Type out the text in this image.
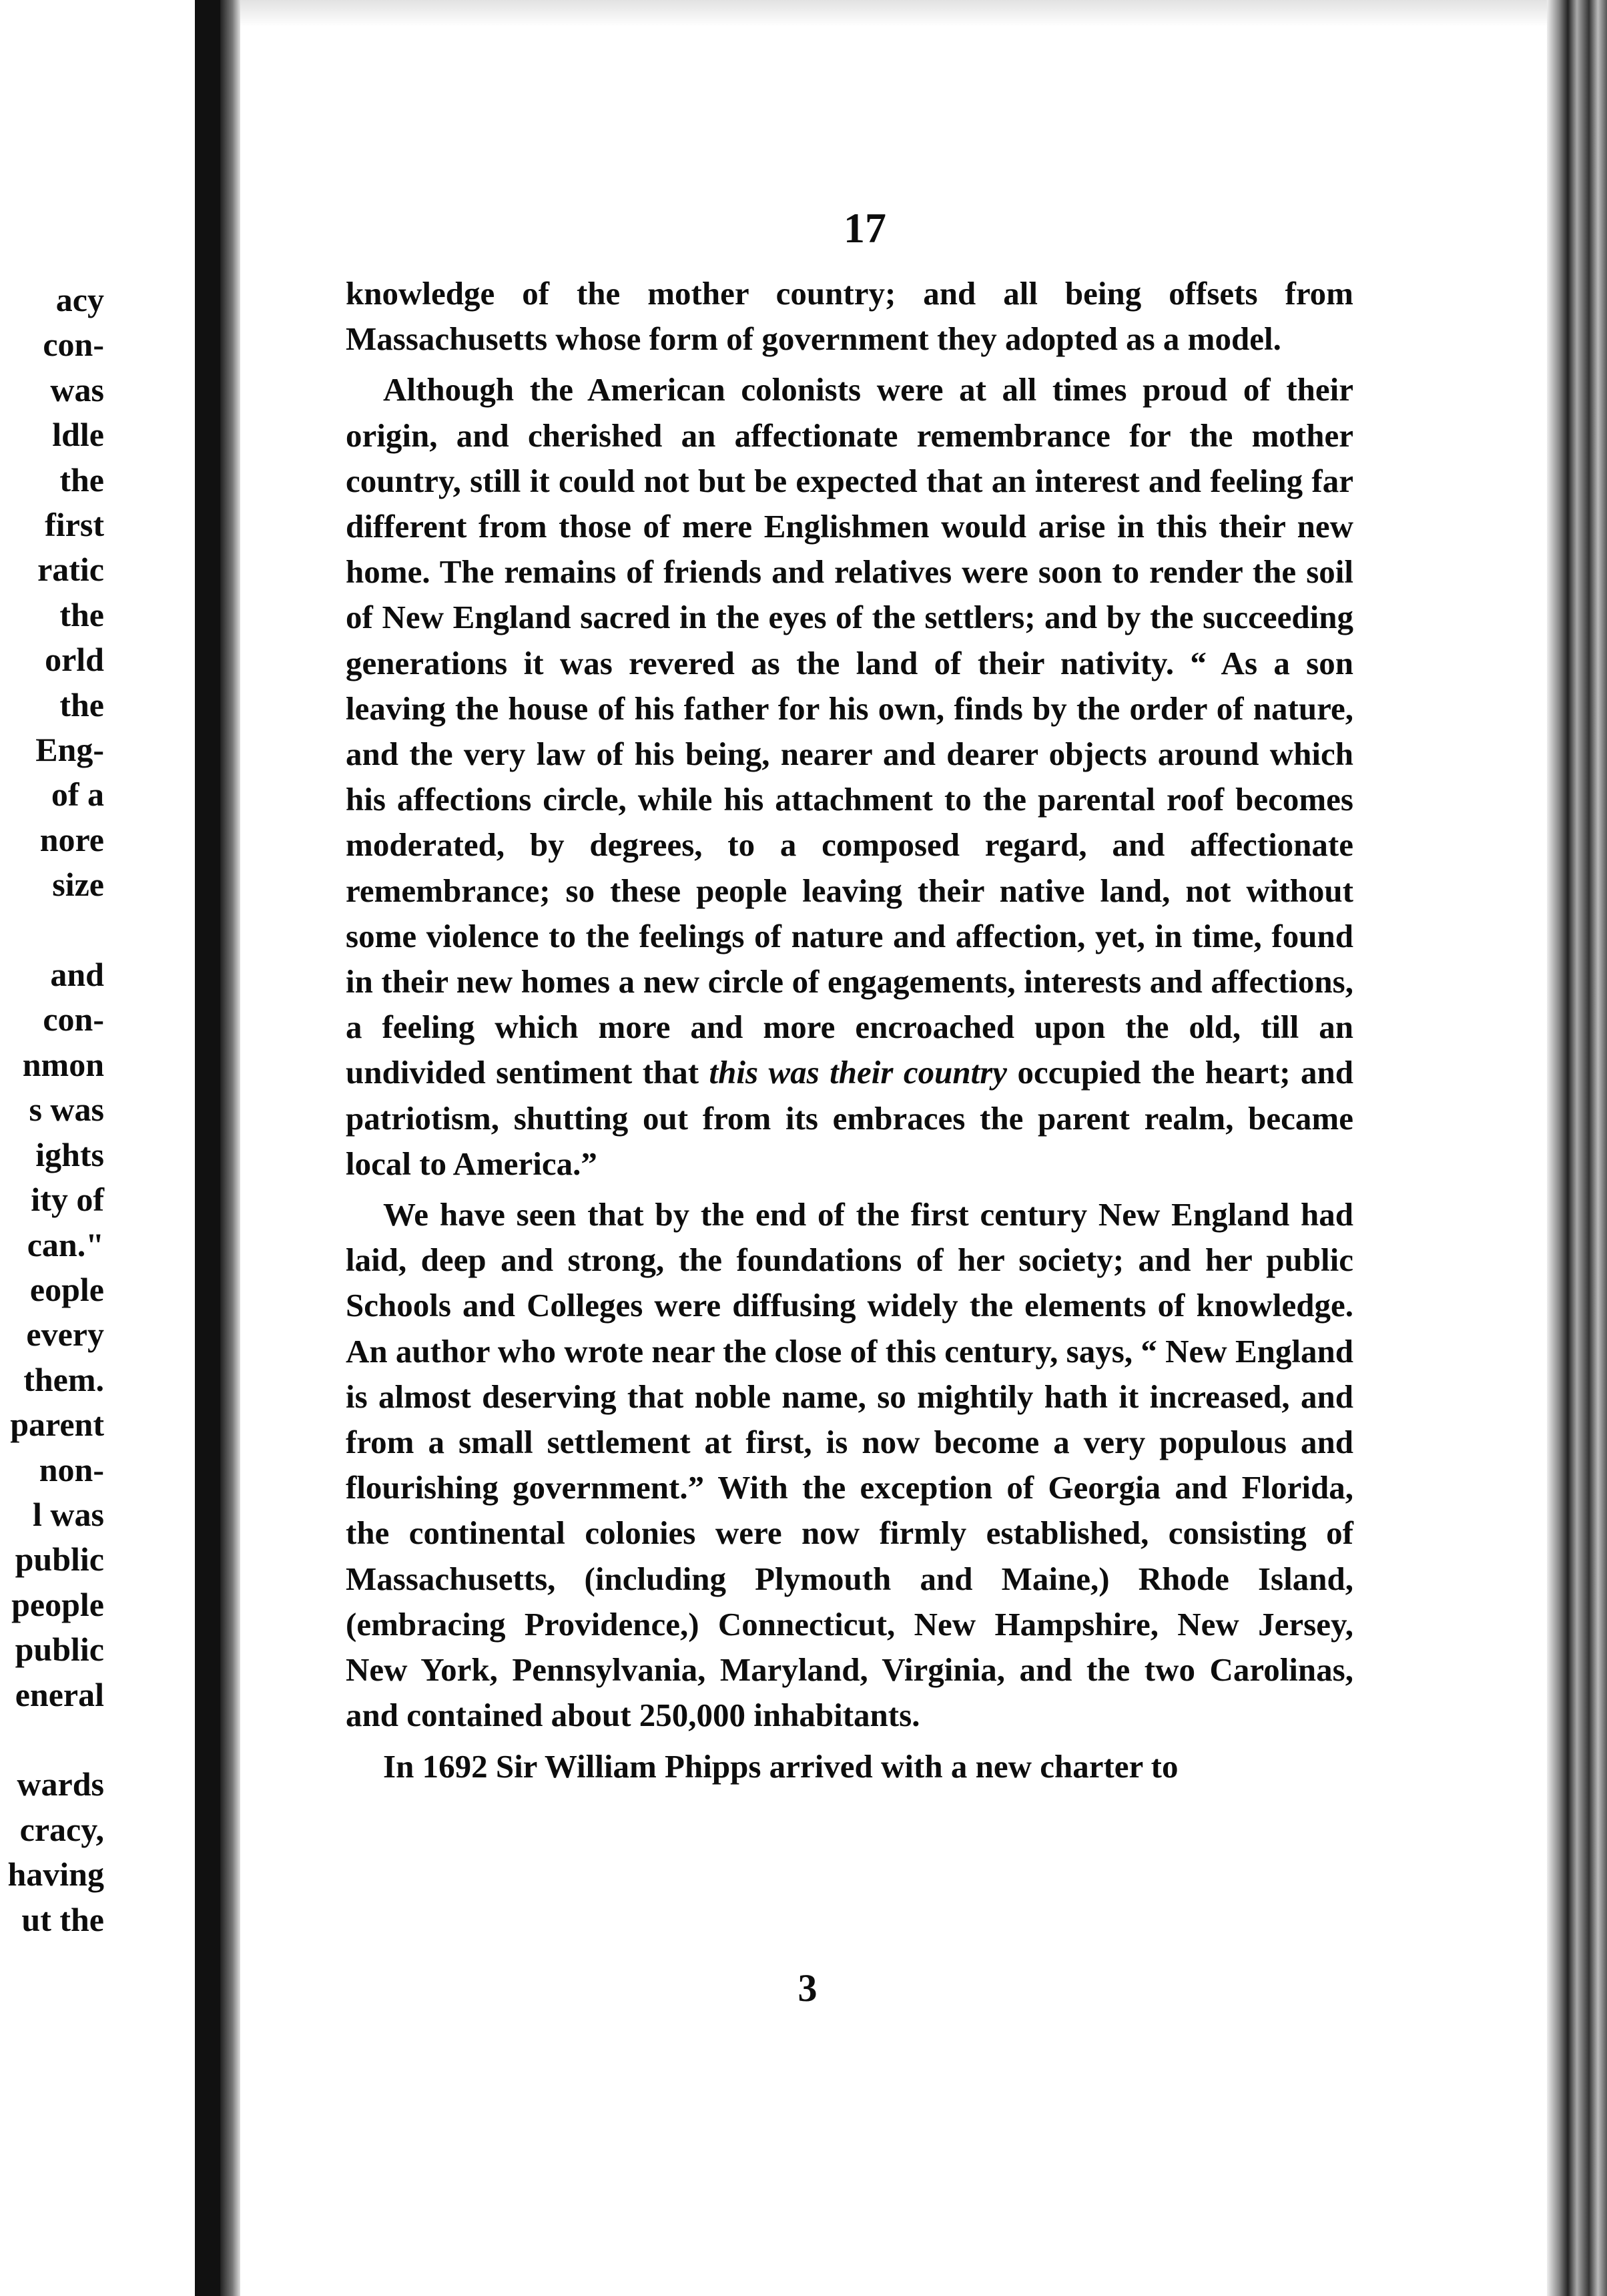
acy
con-
was
ldle
the
first
ratic
the
orld
the
Eng-
of a
nore
size
and
con-
nmon
s was
ights
ity of
can."
eople
every
them.
parent
non-
l was
public
people
public
eneral
wards
cracy,
having
ut the
17

knowledge of the mother country; and all being offsets from Massachusetts whose form of government they adopted as a model.

Although the American colonists were at all times proud of their origin, and cherished an affectionate remembrance for the mother country, still it could not but be expected that an interest and feeling far different from those of mere Englishmen would arise in this their new home. The remains of friends and relatives were soon to render the soil of New England sacred in the eyes of the settlers; and by the succeeding generations it was revered as the land of their nativity. “ As a son leaving the house of his father for his own, finds by the order of nature, and the very law of his being, nearer and dearer objects around which his affections circle, while his attachment to the parental roof becomes moderated, by degrees, to a composed regard, and affectionate remembrance; so these people leaving their native land, not without some violence to the feelings of nature and affection, yet, in time, found in their new homes a new circle of engagements, interests and affections, a feeling which more and more encroached upon the old, till an undivided sentiment that this was their country occupied the heart; and patriotism, shutting out from its embraces the parent realm, became local to America.”

We have seen that by the end of the first century New England had laid, deep and strong, the foundations of her society; and her public Schools and Colleges were diffusing widely the elements of knowledge. An author who wrote near the close of this century, says, “ New England is almost deserving that noble name, so mightily hath it increased, and from a small settlement at first, is now become a very populous and flourishing government.” With the exception of Georgia and Florida, the continental colonies were now firmly established, consisting of Massachusetts, (including Plymouth and Maine,) Rhode Island, (embracing Providence,) Connecticut, New Hampshire, New Jersey, New York, Pennsylvania, Maryland, Virginia, and the two Carolinas, and contained about 250,000 inhabitants.

In 1692 Sir William Phipps arrived with a new charter to

3
